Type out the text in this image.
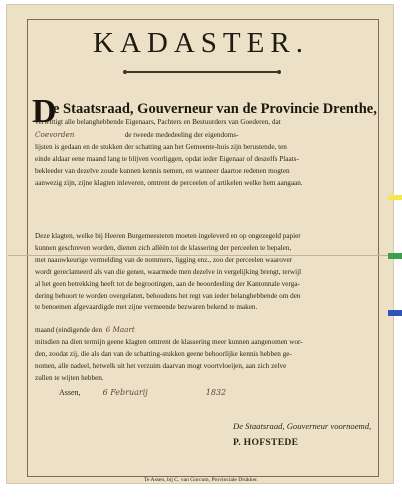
KADASTER.
D
e Staatsraad, Gouverneur van de Provincie Drenthe,
verwittigt alle belanghebbende Eigenaars, Pachters en Bestuurders van Goederen, dat
Coevorden	de tweede mededeeling der eigendoms-
lijsten is gedaan en de stukken der schatting aan het Gemeente-huis zijn berustende, ten
einde aldaar eene maand lang te blijven voorliggen, opdat ieder Eigenaar of deszelfs Plaats-
bekleeder van dezelve zoude kunnen kennis nemen, en wanneer daartoe redenen mogten
aanwezig zijn, zijne klagten inleveren, omtrent de perceelen of artikelen welke hem aangaan.
Deze klagten, welke bij Heeren Burgemeesteren moeten ingeleverd en op ongezegeld papier
kunnen geschreven worden, dienen zich alléén tot de klassering der perceelen te bepalen,
met naauwkeurige vermelding van de nommers, ligging enz., zoo der perceelen waarover
wordt gereclameerd als van die genen, waarmede men dezelve in vergelijking brengt, terwijl
al het geen betrekking heeft tot de begrootingen, aan de beoordeeling der Kantonnale verga-
dering behoort te worden overgelaten, behoudens het regt van ieder belanghebbende om den
te benoemen afgevaardigde met zijne vermeende bezwaren bekend te maken.
maand (eindigende den 6 Maart
mitsdien na dien termijn geene klagten omtrent de klassering meer kunnen aangenomen wor-
den, zoodat zij, die als dan van de schatting-stukken geene behoorlijke kennis hebben ge-
nomen, alle nadeel, hetwelk uit het verzuim daarvan mogt voortvloeijen, aan zich zelve
zullen te wijten hebben.
Assen,	6 Februarij	1832
De Staatsraad, Gouverneur voornoemd,
P. HOFSTEDE
Te Assen, bij C. van Gorcum, Provinciale Drukker.
